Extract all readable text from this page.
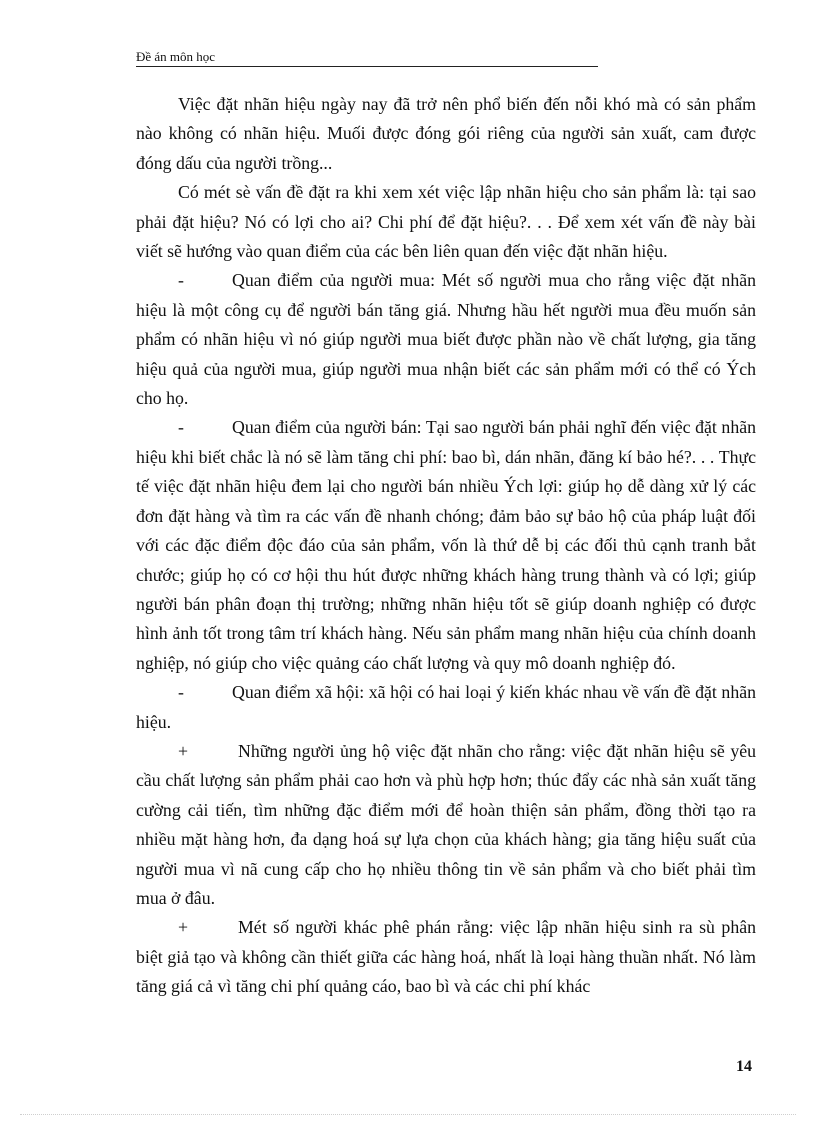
Đề án môn học

Việc đặt nhãn hiệu ngày nay đã trở nên phổ biến đến nỗi khó mà có sản phẩm nào không có nhãn hiệu. Muối được đóng gói riêng của người sản xuất, cam được đóng dấu của người trồng...

Có mét sè vấn đề đặt ra khi xem xét việc lập nhãn hiệu cho sản phẩm là: tại sao phải đặt hiệu? Nó có lợi cho ai? Chi phí để đặt hiệu?. . . Để xem xét vấn đề này bài viết sẽ hướng vào quan điểm của các bên liên quan đến việc đặt nhãn hiệu.

-	Quan điểm của người mua: Mét số người mua cho rằng việc đặt nhãn hiệu là một công cụ để người bán tăng giá. Nhưng hầu hết người mua đều muốn sản phẩm có nhãn hiệu vì nó giúp người mua biết được phần nào về chất lượng, gia tăng hiệu quả của người mua, giúp người mua nhận biết các sản phẩm mới có thể có Ých cho họ.

-	Quan điểm của người bán: Tại sao người bán phải nghĩ đến việc đặt nhãn hiệu khi biết chắc là nó sẽ làm tăng chi phí: bao bì, dán nhãn, đăng kí bảo hé?. . . Thực tế việc đặt nhãn hiệu đem lại cho người bán nhiều Ých lợi: giúp họ dễ dàng xử lý các đơn đặt hàng và tìm ra các vấn đề nhanh chóng; đảm bảo sự bảo hộ của pháp luật đối với các đặc điểm độc đáo của sản phẩm, vốn là thứ dễ bị các đối thủ cạnh tranh bắt chước; giúp họ có cơ hội thu hút được những khách hàng trung thành và có lợi; giúp người bán phân đoạn thị trường; những nhãn hiệu tốt sẽ giúp doanh nghiệp có được hình ảnh tốt trong tâm trí khách hàng. Nếu sản phẩm mang nhãn hiệu của chính doanh nghiệp, nó giúp cho việc quảng cáo chất lượng và quy mô doanh nghiệp đó.

-	Quan điểm xã hội: xã hội có hai loại ý kiến khác nhau về vấn đề đặt nhãn hiệu.

+	Những người ủng hộ việc đặt nhãn cho rằng: việc đặt nhãn hiệu sẽ yêu cầu chất lượng sản phẩm phải cao hơn và phù hợp hơn; thúc đẩy các nhà sản xuất tăng cường cải tiến, tìm những đặc điểm mới để hoàn thiện sản phẩm, đồng thời tạo ra nhiều mặt hàng hơn, đa dạng hoá sự lựa chọn của khách hàng; gia tăng hiệu suất của người mua vì nã cung cấp cho họ nhiều thông tin về sản phẩm và cho biết phải tìm mua ở đâu.

+	Mét số người khác phê phán rằng: việc lập nhãn hiệu sinh ra sù phân biệt giả tạo và không cần thiết giữa các hàng hoá, nhất là loại hàng thuần nhất. Nó làm tăng giá cả vì tăng chi phí quảng cáo, bao bì và các chi phí khác

14
